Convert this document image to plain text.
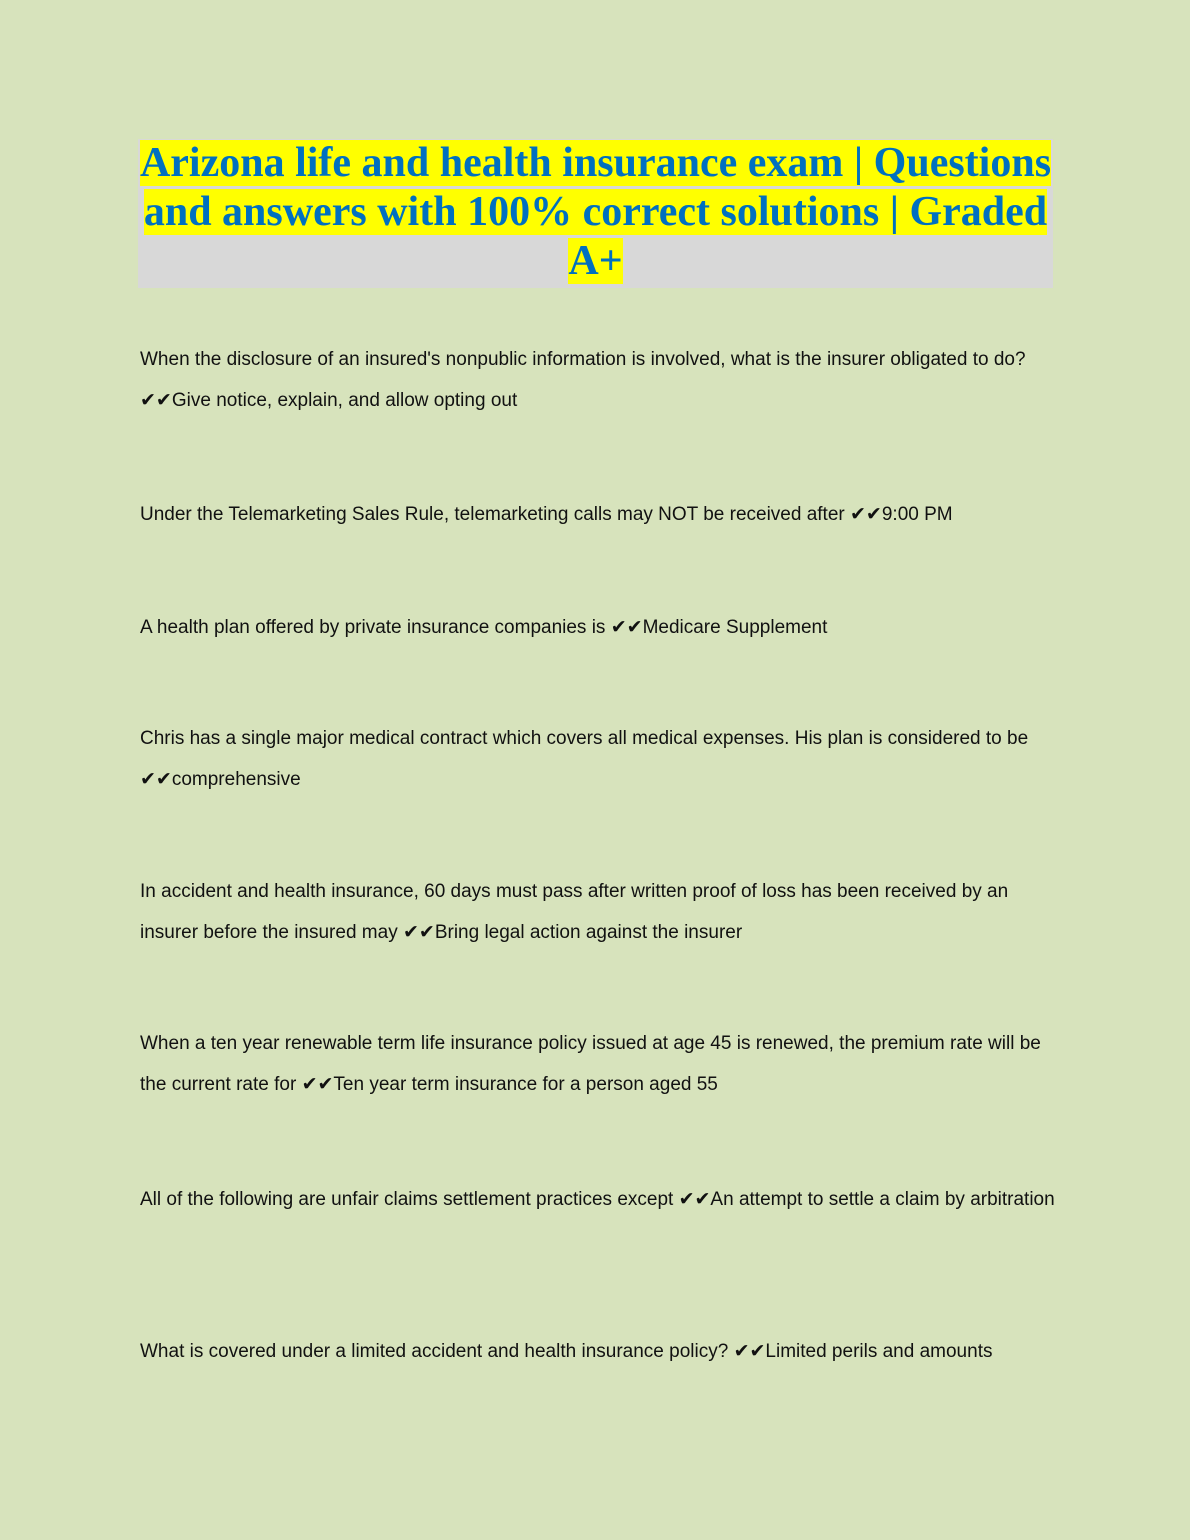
Arizona life and health insurance exam | Questions and answers with 100% correct solutions | Graded A+

When the disclosure of an insured's nonpublic information is involved, what is the insurer obligated to do? ✔✔Give notice, explain, and allow opting out

Under the Telemarketing Sales Rule, telemarketing calls may NOT be received after ✔✔9:00 PM

A health plan offered by private insurance companies is ✔✔Medicare Supplement

Chris has a single major medical contract which covers all medical expenses. His plan is considered to be ✔✔comprehensive

In accident and health insurance, 60 days must pass after written proof of loss has been received by an insurer before the insured may ✔✔Bring legal action against the insurer

When a ten year renewable term life insurance policy issued at age 45 is renewed, the premium rate will be the current rate for ✔✔Ten year term insurance for a person aged 55

All of the following are unfair claims settlement practices except ✔✔An attempt to settle a claim by arbitration

What is covered under a limited accident and health insurance policy? ✔✔Limited perils and amounts
